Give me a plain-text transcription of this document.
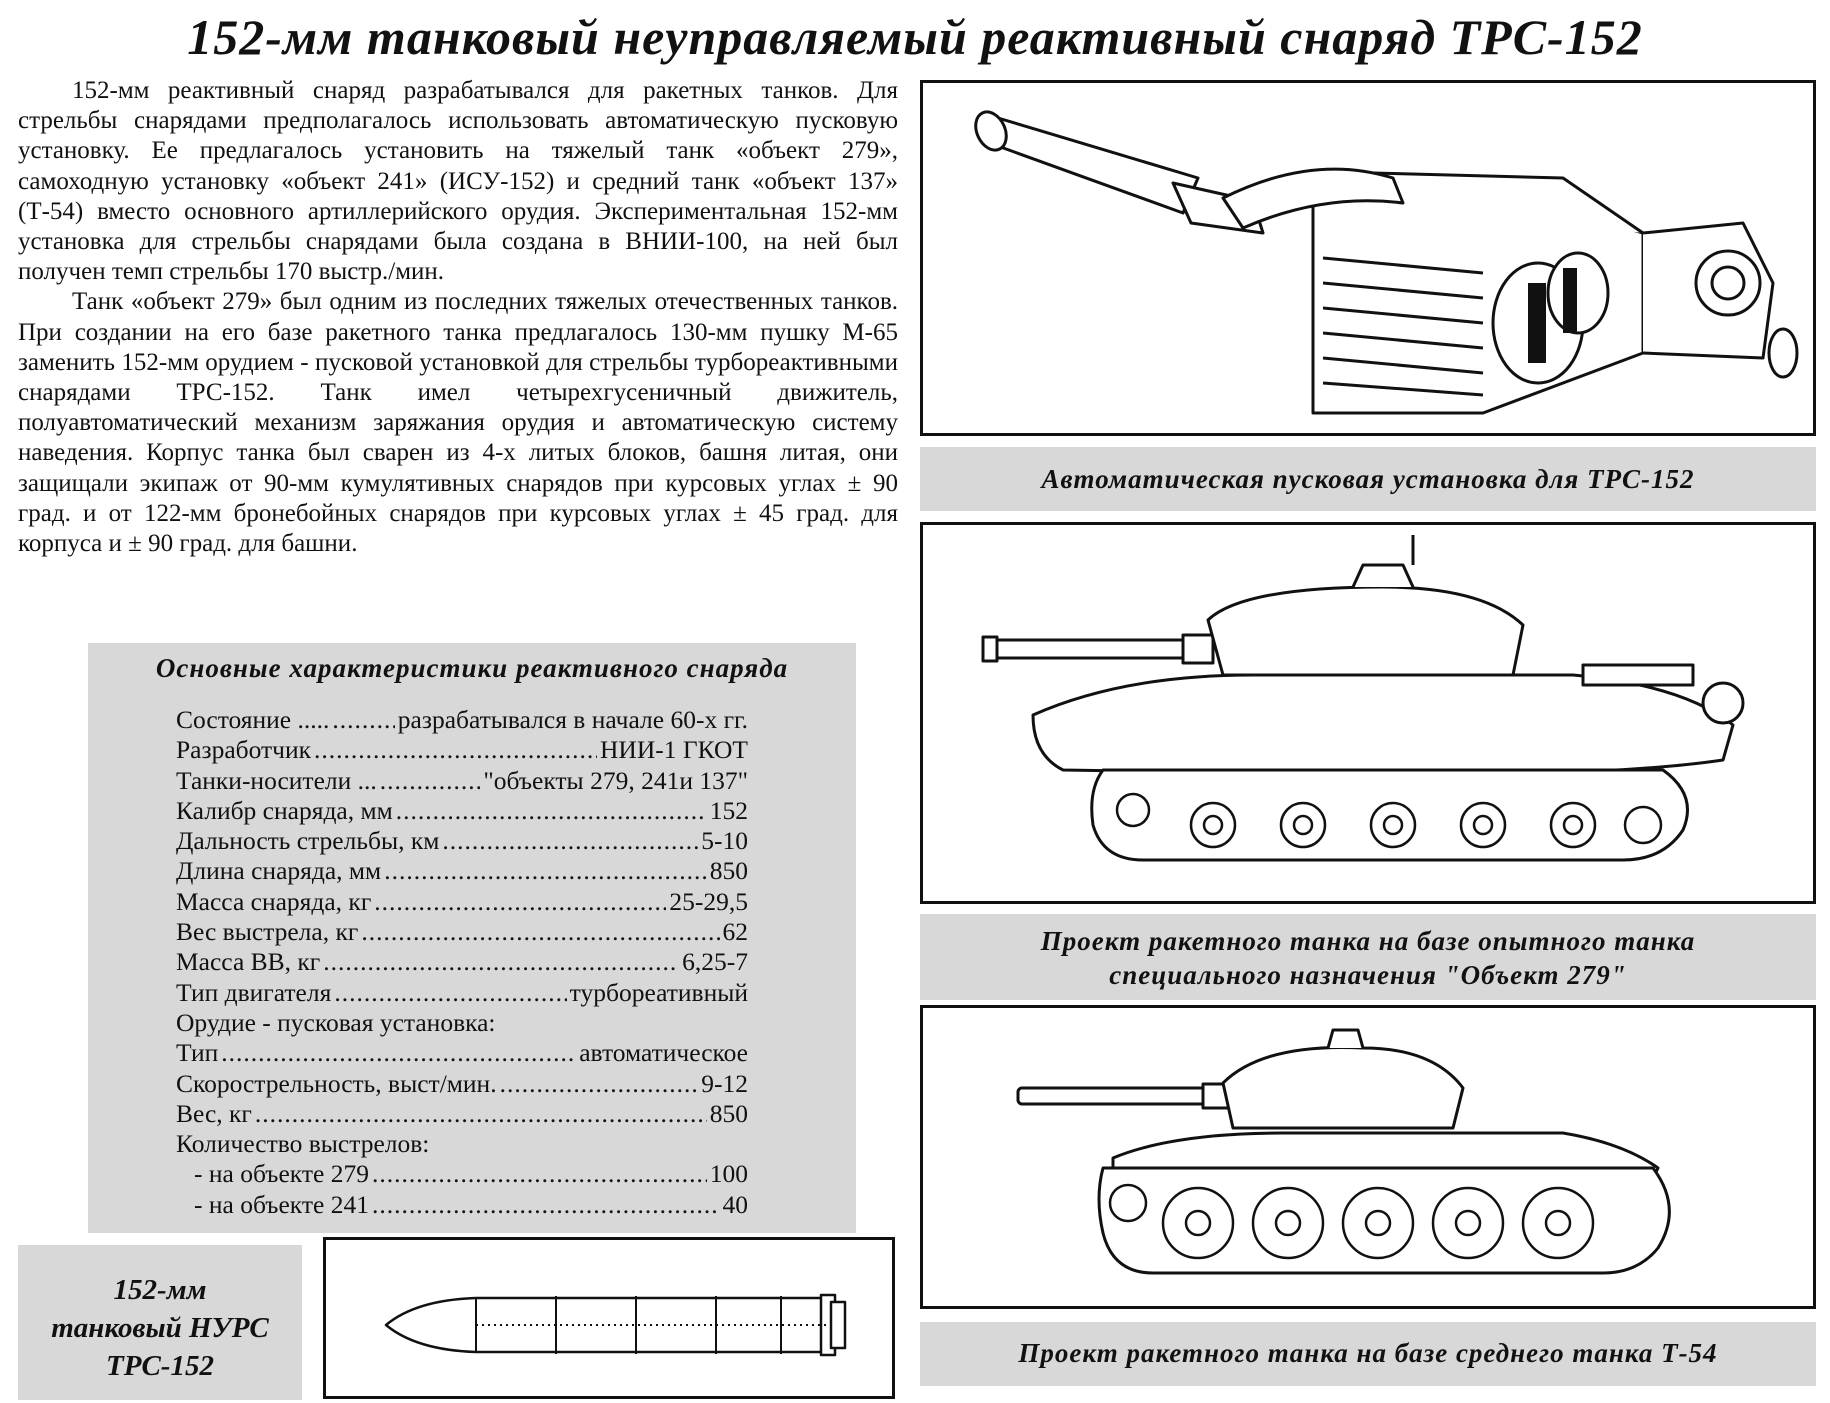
152-мм танковый неуправляемый реактивный снаряд ТРС-152

152-мм реактивный снаряд разрабатывался для ракетных танков. Для стрельбы снарядами предполагалось использовать автоматическую пусковую установку. Ее предлагалось установить на тяжелый танк «объект 279», самоходную установку «объект 241» (ИСУ-152) и средний танк «объект 137» (Т-54) вместо основного артиллерийского орудия. Экспериментальная 152-мм установка для стрельбы снарядами была создана в ВНИИ-100, на ней был получен темп стрельбы 170 выстр./мин.

Танк «объект 279» был одним из последних тяжелых отечественных танков. При создании на его базе ракетного танка предлагалось 130-мм пушку М-65 заменить 152-мм орудием - пусковой установкой для стрельбы турбореактивными снарядами ТРС-152. Танк имел четырехгусеничный движитель, полуавтоматический механизм заряжания орудия и автоматическую систему наведения. Корпус танка был сварен из 4-х литых блоков, башня литая, они защищали экипаж от 90-мм кумулятивных снарядов при курсовых углах ± 90 град. и от 122-мм бронебойных снарядов при курсовых углах ± 45 град. для корпуса и ± 90 град. для башни.

Основные характеристики реактивного снаряда
Состояние ..... .....	разрабатывался в начале 60-х гг.
Разработчик .....	НИИ-1 ГКОТ
Танки-носители ... .....	"объекты 279, 241и 137"
Калибр снаряда, мм .....	152
Дальность стрельбы, км .....	5-10
Длина снаряда, мм .....	850
Масса снаряда, кг .....	25-29,5
Вес выстрела, кг .....	62
Масса ВВ, кг .....	6,25-7
Тип двигателя .....	турбореативный
Орудие - пусковая установка:
Тип .....	автоматическое
Скорострельность, выст/мин. .....	9-12
Вес, кг .....	850
Количество выстрелов:
- на объекте 279 .....	100
- на объекте 241 .....	40
Автоматическая пусковая установка для ТРС-152
Проект ракетного танка на базе опытного танка
специального назначения "Объект 279"
Проект ракетного танка на базе среднего танка Т-54
152-мм
танковый НУРС
ТРС-152
